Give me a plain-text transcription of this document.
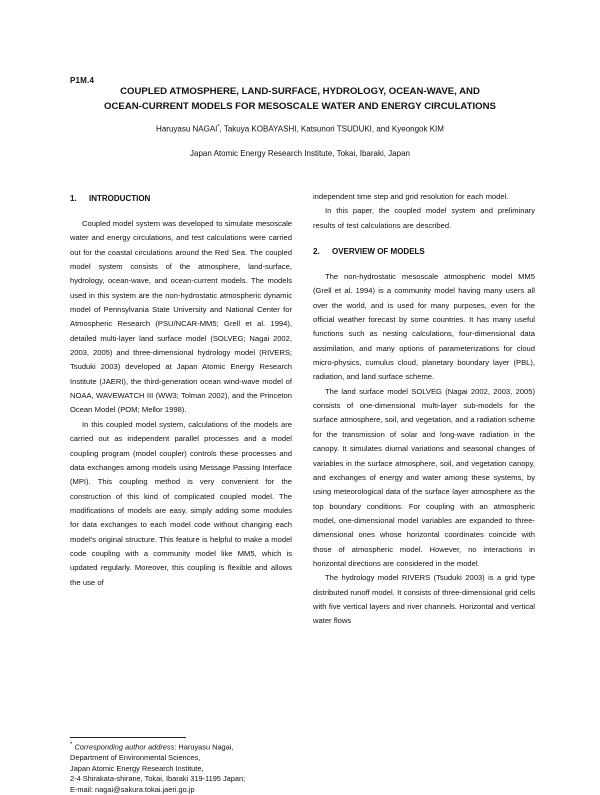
P1M.4
COUPLED ATMOSPHERE, LAND-SURFACE, HYDROLOGY, OCEAN-WAVE, AND
OCEAN-CURRENT MODELS FOR MESOSCALE WATER AND ENERGY CIRCULATIONS
Haruyasu NAGAI*, Takuya KOBAYASHI, Katsunori TSUDUKI, and Kyeongok KIM
Japan Atomic Energy Research Institute, Tokai, Ibaraki, Japan
1. INTRODUCTION

Coupled model system was developed to simulate mesoscale water and energy circulations, and test calculations were carried out for the coastal circulations around the Red Sea. The coupled model system consists of the atmosphere, land-surface, hydrology, ocean-wave, and ocean-current models. The models used in this system are the non-hydrostatic atmospheric dynamic model of Pennsylvania State University and National Center for Atmospheric Research (PSU/NCAR-MM5; Grell et al. 1994), detailed multi-layer land surface model (SOLVEG; Nagai 2002, 2003, 2005) and three-dimensional hydrology model (RIVERS; Tsuduki 2003) developed at Japan Atomic Energy Research Institute (JAERI), the third-generation ocean wind-wave model of NOAA, WAVEWATCH III (WW3; Tolman 2002), and the Princeton Ocean Model (POM; Mellor 1998).

In this coupled model system, calculations of the models are carried out as independent parallel processes and a model coupling program (model coupler) controls these processes and data exchanges among models using Message Passing Interface (MPI). This coupling method is very convenient for the construction of this kind of complicated coupled model. The modifications of models are easy, simply adding some modules for data exchanges to each model code without changing each model's original structure. This feature is helpful to make a model code coupling with a community model like MM5, which is updated regularly. Moreover, this coupling is flexible and allows the use of

independent time step and grid resolution for each model.

In this paper, the coupled model system and preliminary results of test calculations are described.

2. OVERVIEW OF MODELS

The non-hydrostatic mesoscale atmospheric model MM5 (Grell et al. 1994) is a community model having many users all over the world, and is used for many purposes, even for the official weather forecast by some countries. It has many useful functions such as nesting calculations, four-dimensional data assimilation, and many options of parameterizations for cloud micro-physics, cumulus cloud, planetary boundary layer (PBL), radiation, and land surface scheme.

The land surface model SOLVEG (Nagai 2002, 2003, 2005) consists of one-dimensional multi-layer sub-models for the surface atmosphere, soil, and vegetation, and a radiation scheme for the transmission of solar and long-wave radiation in the canopy. It simulates diurnal variations and seasonal changes of variables in the surface atmosphere, soil, and vegetation canopy, and exchanges of energy and water among these systems, by using meteorological data of the surface layer atmosphere as the top boundary conditions. For coupling with an atmospheric model, one-dimensional model variables are expanded to three-dimensional ones whose horizontal coordinates coincide with those of atmospheric model. However, no interactions in horizontal directions are considered in the model.

The hydrology model RIVERS (Tsuduki 2003) is a grid type distributed runoff model. It consists of three-dimensional grid cells with five vertical layers and river channels. Horizontal and vertical water flows

* Corresponding author address: Haruyasu Nagai,
Department of Environmental Sciences,
Japan Atomic Energy Research Institute,
2-4 Shirakata-shirane, Tokai, Ibaraki 319-1195 Japan;
E-mail: nagai@sakura.tokai.jaeri.go.jp
